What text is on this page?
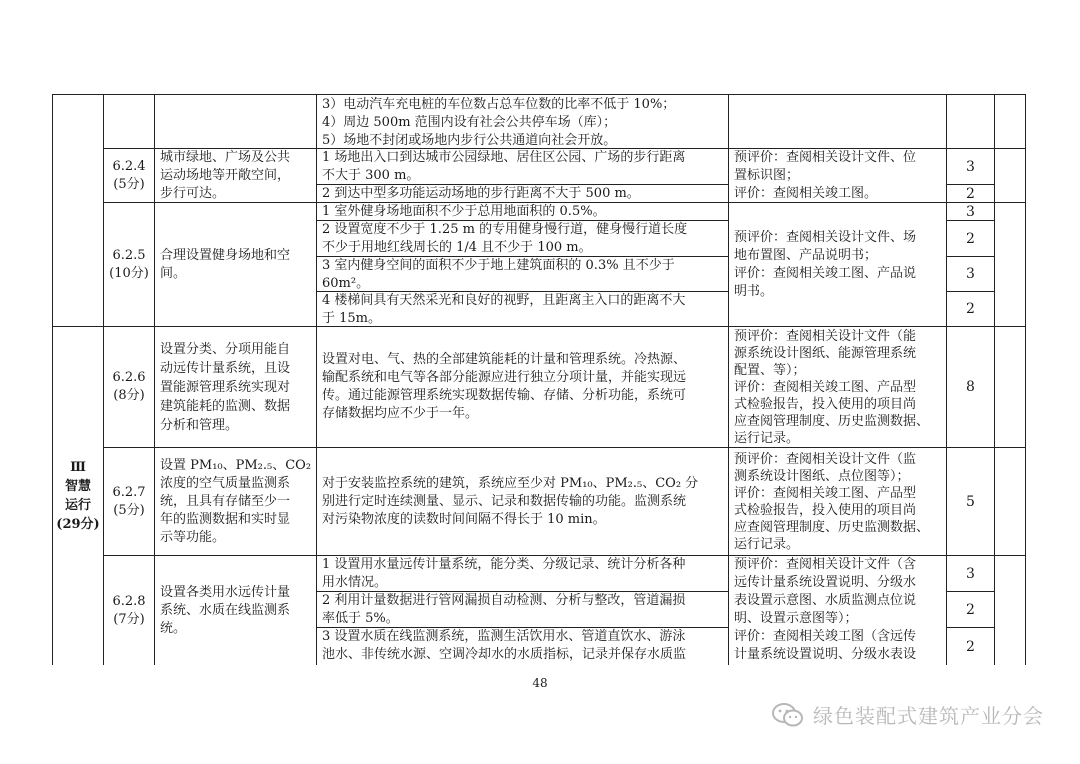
Ⅲ
智慧
运行
(29分)
3）电动汽车充电桩的车位数占总车位数的比率不低于 10%；
4）周边 500m 范围内设有社会公共停车场（库）；
5）场地不封闭或场地内步行公共通道向社会开放。
6.2.4
(5分)
城市绿地、广场及公共
运动场地等开敞空间，
步行可达。
1 场地出入口到达城市公园绿地、居住区公园、广场的步行距离
不大于 300 m。
2 到达中型多功能运动场地的步行距离不大于 500 m。
预评价：查阅相关设计文件、位
置标识图；
评价：查阅相关竣工图。
3
2
6.2.5
(10分)
合理设置健身场地和空
间。
1 室外健身场地面积不少于总用地面积的 0.5%。
2 设置宽度不少于 1.25 m 的专用健身慢行道，健身慢行道长度
不少于用地红线周长的 1/4 且不少于 100 m。
3 室内健身空间的面积不少于地上建筑面积的 0.3% 且不少于
60m²。
4 楼梯间具有天然采光和良好的视野，且距离主入口的距离不大
于 15m。
预评价：查阅相关设计文件、场
地布置图、产品说明书；
评价：查阅相关竣工图、产品说
明书。
3
2
3
2
6.2.6
(8分)
设置分类、分项用能自
动远传计量系统，且设
置能源管理系统实现对
建筑能耗的监测、数据
分析和管理。
设置对电、气、热的全部建筑能耗的计量和管理系统。冷热源、
输配系统和电气等各部分能源应进行独立分项计量，并能实现远
传。通过能源管理系统实现数据传输、存储、分析功能，系统可
存储数据均应不少于一年。
预评价：查阅相关设计文件（能
源系统设计图纸、能源管理系统
配置、等）；
评价：查阅相关竣工图、产品型
式检验报告，投入使用的项目尚
应查阅管理制度、历史监测数据、
运行记录。
8
6.2.7
(5分)
设置 PM₁₀、PM₂.₅、CO₂
浓度的空气质量监测系
统，且具有存储至少一
年的监测数据和实时显
示等功能。
对于安装监控系统的建筑，系统应至少对 PM₁₀、PM₂.₅、CO₂ 分
别进行定时连续测量、显示、记录和数据传输的功能。监测系统
对污染物浓度的读数时间间隔不得长于 10 min。
预评价：查阅相关设计文件（监
测系统设计图纸、点位图等）；
评价：查阅相关竣工图、产品型
式检验报告，投入使用的项目尚
应查阅管理制度、历史监测数据、
运行记录。
5
6.2.8
(7分)
设置各类用水远传计量
系统、水质在线监测系
统。
1 设置用水量远传计量系统，能分类、分级记录、统计分析各种
用水情况。
2 利用计量数据进行管网漏损自动检测、分析与整改，管道漏损
率低于 5%。
3 设置水质在线监测系统，监测生活饮用水、管道直饮水、游泳
池水、非传统水源、空调冷却水的水质指标，记录并保存水质监
预评价：查阅相关设计文件（含
远传计量系统设置说明、分级水
表设置示意图、水质监测点位说
明、设置示意图等）；
评价：查阅相关竣工图（含远传
计量系统设置说明、分级水表设
3
2
2
48
绿色装配式建筑产业分会
